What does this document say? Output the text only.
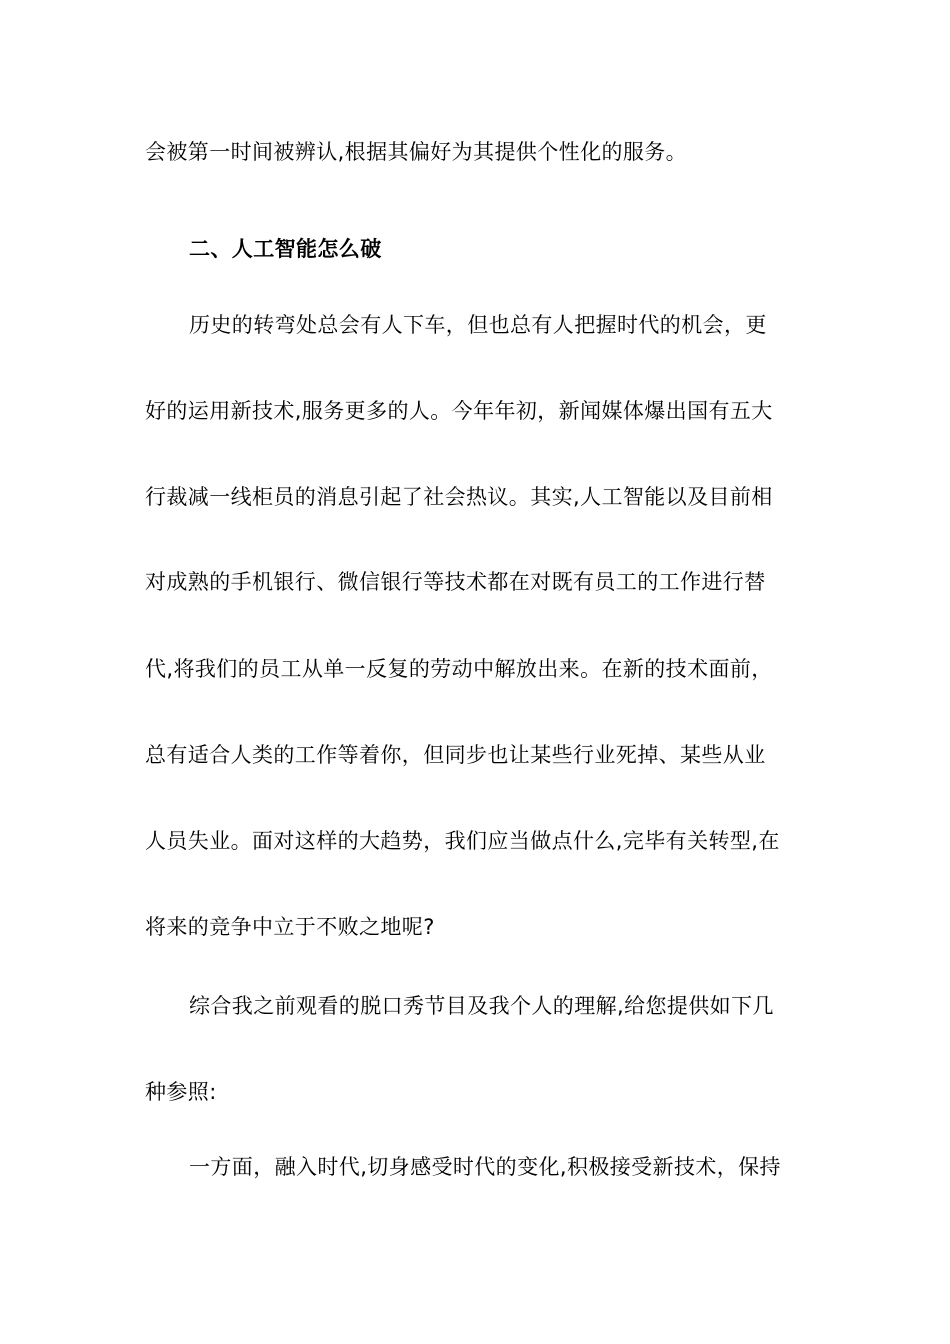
会被第一时间被辨认,根据其偏好为其提供个性化的服务。
二、人工智能怎么破
历史的转弯处总会有人下车，但也总有人把握时代的机会，更
好的运用新技术,服务更多的人。今年年初，新闻媒体爆出国有五大
行裁减一线柜员的消息引起了社会热议。其实,人工智能以及目前相
对成熟的手机银行、微信银行等技术都在对既有员工的工作进行替
代,将我们的员工从单一反复的劳动中解放出来。在新的技术面前，
总有适合人类的工作等着你，但同步也让某些行业死掉、某些从业
人员失业。面对这样的大趋势，我们应当做点什么,完毕有关转型,在
将来的竞争中立于不败之地呢?
综合我之前观看的脱口秀节目及我个人的理解,给您提供如下几
种参照:
一方面，融入时代,切身感受时代的变化,积极接受新技术，保持
